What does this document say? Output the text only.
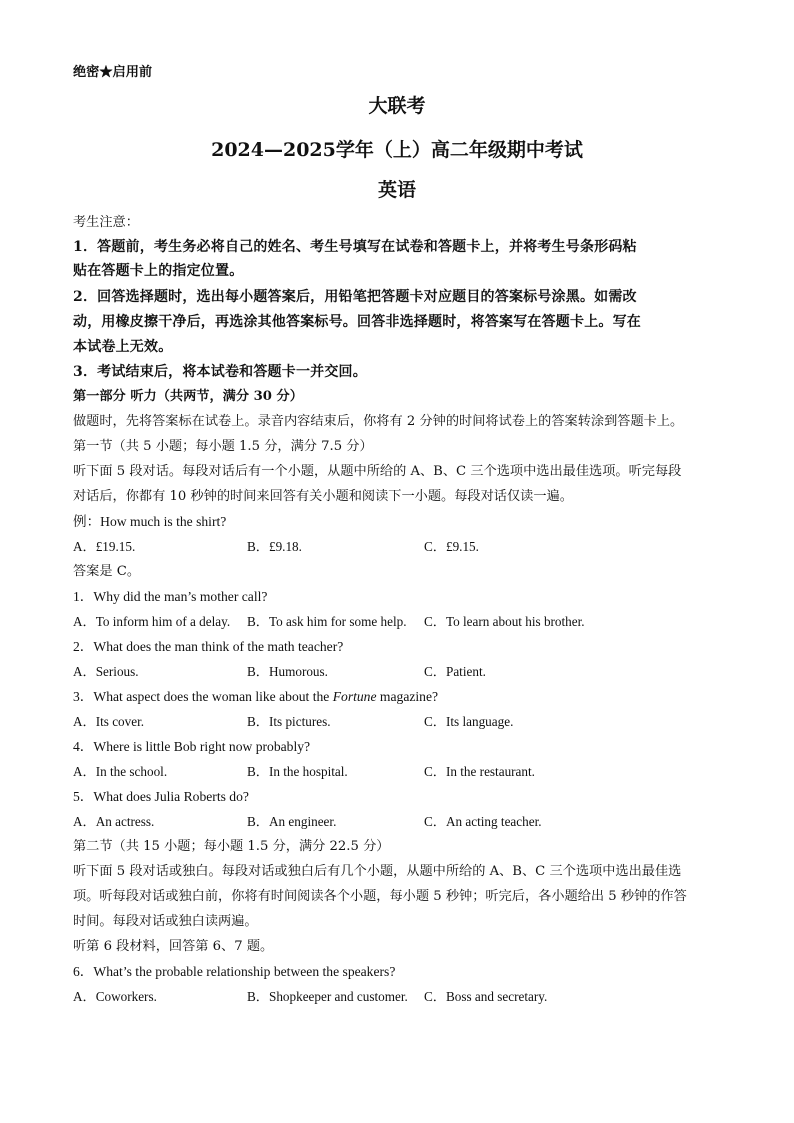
绝密★启用前
大联考
2024—2025学年（上）高二年级期中考试
英语
考生注意：
1．答题前，考生务必将自己的姓名、考生号填写在试卷和答题卡上，并将考生号条形码粘
贴在答题卡上的指定位置。
2．回答选择题时，选出每小题答案后，用铅笔把答题卡对应题目的答案标号涂黑。如需改
动，用橡皮擦干净后，再选涂其他答案标号。回答非选择题时，将答案写在答题卡上。写在
本试卷上无效。
3．考试结束后，将本试卷和答题卡一并交回。
第一部分 听力（共两节，满分 30 分）
做题时，先将答案标在试卷上。录音内容结束后，你将有 2 分钟的时间将试卷上的答案转涂到答题卡上。
第一节（共 5 小题；每小题 1.5 分，满分 7.5 分）
听下面 5 段对话。每段对话后有一个小题，从题中所给的 A、B、C 三个选项中选出最佳选项。听完每段
对话后，你都有 10 秒钟的时间来回答有关小题和阅读下一小题。每段对话仅读一遍。
例：How much is the shirt?
A．£19.15.	B．£9.18.	C．£9.15.
答案是 C。
1．Why did the man’s mother call?
A．To inform him of a delay. B．To ask him for some help. C．To learn about his brother.
2．What does the man think of the math teacher?
A．Serious.	B．Humorous.	C．Patient.
3．What aspect does the woman like about the Fortune magazine?
A．Its cover.	B．Its pictures.	C．Its language.
4．Where is little Bob right now probably?
A．In the school.	B．In the hospital.	C．In the restaurant.
5．What does Julia Roberts do?
A．An actress.	B．An engineer.	C．An acting teacher.
第二节（共 15 小题；每小题 1.5 分，满分 22.5 分）
听下面 5 段对话或独白。每段对话或独白后有几个小题，从题中所给的 A、B、C 三个选项中选出最佳选
项。听每段对话或独白前，你将有时间阅读各个小题，每小题 5 秒钟；听完后，各小题给出 5 秒钟的作答
时间。每段对话或独白读两遍。
听第 6 段材料，回答第 6、7 题。
6．What’s the probable relationship between the speakers?
A．Coworkers.	B．Shopkeeper and customer. C．Boss and secretary.
